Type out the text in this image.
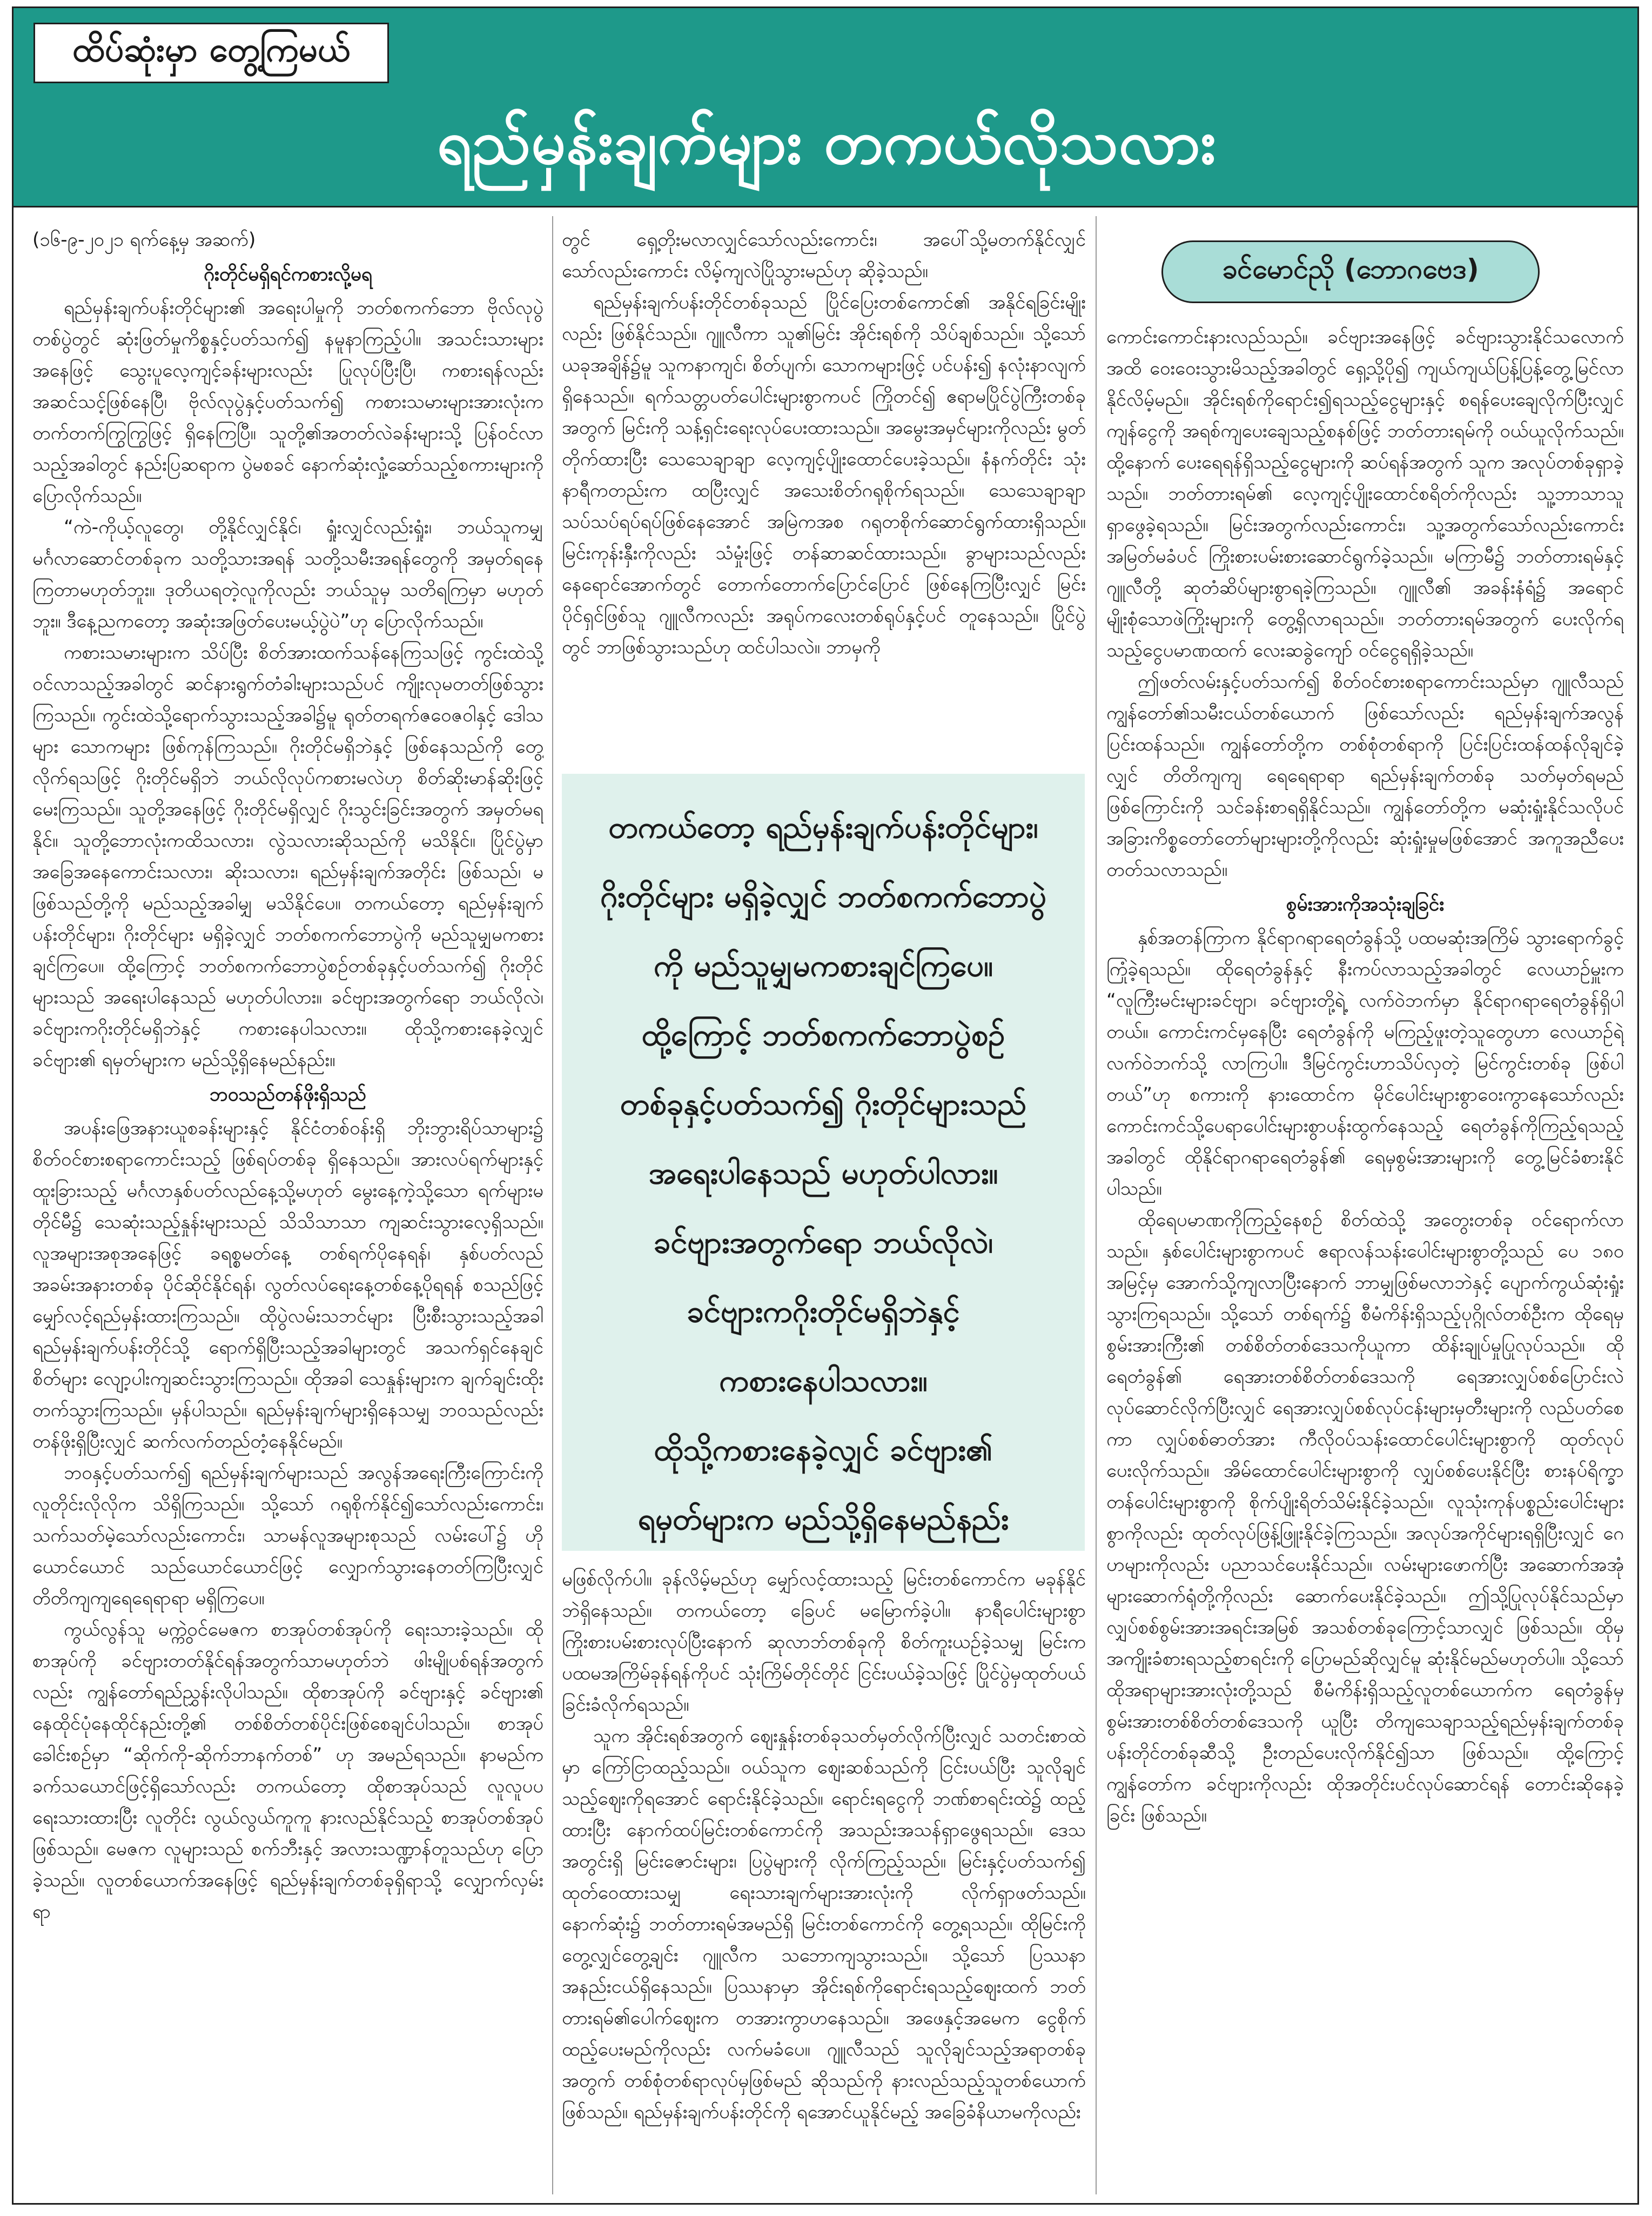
ထိပ်ဆုံးမှာ တွေ့ကြမယ်
ရည်မှန်းချက်များ တကယ်လိုသလား

(၁၆-၉-၂၀၂၁ ရက်နေ့မှ အဆက်)

ဂိုးတိုင်မရှိရင်ကစားလို့မရ

ရည်မှန်းချက်ပန်းတိုင်များ၏ အရေးပါမှုကို ဘတ်စကက်ဘော ဗိုလ်လုပွဲတစ်ပွဲတွင် ဆုံးဖြတ်မှုကိစ္စနှင့်ပတ်သက်၍ နမူနာကြည့်ပါ။ အသင်းသားများအနေဖြင့် သွေးပူလေ့ကျင့်ခန်းများလည်း ပြုလုပ်ပြီးပြီ၊ ကစားရန်လည်း အဆင်သင့်ဖြစ်နေပြီ၊ ဗိုလ်လုပွဲနှင့်ပတ်သက်၍ ကစားသမားများအားလုံးက တက်တက်ကြွကြွဖြင့် ရှိနေကြပြီ။ သူတို့၏အတတ်လဲခန်းများသို့ ပြန်ဝင်လာသည့်အခါတွင် နည်းပြဆရာက ပွဲမစခင် နောက်ဆုံးလှုံ့ဆော်သည့်စကားများကို ပြောလိုက်သည်။

“ကဲ-ကိုယ့်လူတွေ၊ တို့နိုင်လျှင်နိုင်၊ ရှုံးလျှင်လည်းရှုံး၊ ဘယ်သူကမျှ မင်္ဂလာဆောင်တစ်ခုက သတို့သားအရန် သတို့သမီးအရန်တွေကို အမှတ်ရနေကြတာမဟုတ်ဘူး။ ဒုတိယရတဲ့လူကိုလည်း ဘယ်သူမှ သတိရကြမှာ မဟုတ်ဘူး။ ဒီနေ့ညကတော့ အဆုံးအဖြတ်ပေးမယ့်ပွဲပဲ”ဟု ပြောလိုက်သည်။

ကစားသမားများက သိပ်ပြီး စိတ်အားထက်သန်နေကြသဖြင့် ကွင်းထဲသို့ဝင်လာသည့်အခါတွင် ဆင်နားရွက်တံခါးများသည်ပင် ကျိုးလုမတတ်ဖြစ်သွားကြသည်။ ကွင်းထဲသို့ရောက်သွားသည့်အခါ၌မူ ရုတ်တရက်ဇဝေဇဝါနှင့် ဒေါသများ သောကများ ဖြစ်ကုန်ကြသည်။ ဂိုးတိုင်မရှိဘဲနှင့် ဖြစ်နေသည်ကို တွေ့လိုက်ရသဖြင့် ဂိုးတိုင်မရှိဘဲ ဘယ်လိုလုပ်ကစားမလဲဟု စိတ်ဆိုးမာန်ဆိုးဖြင့် မေးကြသည်။ သူတို့အနေဖြင့် ဂိုးတိုင်မရှိလျှင် ဂိုးသွင်းခြင်းအတွက် အမှတ်မရနိုင်။ သူတို့ဘောလုံးကထိသလား၊ လွဲသလားဆိုသည်ကို မသိနိုင်။ ပြိုင်ပွဲမှာ အခြေအနေကောင်းသလား၊ ဆိုးသလား၊ ရည်မှန်းချက်အတိုင်း ဖြစ်သည်၊ မဖြစ်သည်တို့ကို မည်သည့်အခါမျှ မသိနိုင်ပေ။ တကယ်တော့ ရည်မှန်းချက်ပန်းတိုင်များ၊ ဂိုးတိုင်များ မရှိခဲ့လျှင် ဘတ်စကက်ဘောပွဲကို မည်သူမျှမကစားချင်ကြပေ။ ထို့ကြောင့် ဘတ်စကက်ဘောပွဲစဉ်တစ်ခုနှင့်ပတ်သက်၍ ဂိုးတိုင်များသည် အရေးပါနေသည် မဟုတ်ပါလား။ ခင်ဗျားအတွက်ရော ဘယ်လိုလဲ၊ ခင်ဗျားကဂိုးတိုင်မရှိဘဲနှင့် ကစားနေပါသလား။ ထိုသို့ကစားနေခဲ့လျှင် ခင်ဗျား၏ ရမှတ်များက မည်သို့ရှိနေမည်နည်း။

ဘဝသည်တန်ဖိုးရှိသည်

အပန်းဖြေအနားယူစခန်းများနှင့် နိုင်ငံတစ်ဝန်းရှိ ဘိုးဘွားရိပ်သာများ၌ စိတ်ဝင်စားစရာကောင်းသည့် ဖြစ်ရပ်တစ်ခု ရှိနေသည်။ အားလပ်ရက်များနှင့် ထူးခြားသည့် မင်္ဂလာနှစ်ပတ်လည်နေ့သို့မဟုတ် မွေးနေ့ကဲ့သို့သော ရက်များမတိုင်မီ၌ သေဆုံးသည့်နှုန်းများသည် သိသိသာသာ ကျဆင်းသွားလေ့ရှိသည်။ လူအများအစုအနေဖြင့် ခရစ္စမတ်နေ့ တစ်ရက်ပိုနေရန်၊ နှစ်ပတ်လည်အခမ်းအနားတစ်ခု ပိုင်ဆိုင်နိုင်ရန်၊ လွတ်လပ်ရေးနေ့တစ်နေ့ပိုရရန် စသည်ဖြင့် မျှော်လင့်ရည်မှန်းထားကြသည်။ ထိုပွဲလမ်းသဘင်များ ပြီးစီးသွားသည့်အခါ ရည်မှန်းချက်ပန်းတိုင်သို့ ရောက်ရှိပြီးသည့်အခါများတွင် အသက်ရှင်နေချင်စိတ်များ လျော့ပါးကျဆင်းသွားကြသည်။ ထိုအခါ သေနှုန်းများက ချက်ချင်းထိုးတက်သွားကြသည်။ မှန်ပါသည်။ ရည်မှန်းချက်များရှိနေသမျှ ဘဝသည်လည်း တန်ဖိုးရှိပြီးလျှင် ဆက်လက်တည်တံ့နေနိုင်မည်။

ဘဝနှင့်ပတ်သက်၍ ရည်မှန်းချက်များသည် အလွန်အရေးကြီးကြောင်းကို လူတိုင်းလိုလိုက သိရှိကြသည်။ သို့သော် ဂရုစိုက်နိုင်၍သော်လည်းကောင်း၊ သက်သတ်မဲ့သော်လည်းကောင်း၊ သာမန်လူအများစုသည် လမ်းပေါ်၌ ဟိုယောင်ယောင် သည်ယောင်ယောင်ဖြင့် လျှောက်သွားနေတတ်ကြပြီးလျှင် တိတိကျကျရေရေရာရာ မရှိကြပေ။

ကွယ်လွန်သူ မက္ကွဲဝင်မေဇက စာအုပ်တစ်အုပ်ကို ရေးသားခဲ့သည်။ ထိုစာအုပ်ကို ခင်ဗျားတတ်နိုင်ရန်အတွက်သာမဟုတ်ဘဲ ဖါးမျိုပစ်ရန်အတွက်လည်း ကျွန်တော်ရည်ညွှန်းလိုပါသည်။ ထိုစာအုပ်ကို ခင်ဗျားနှင့် ခင်ဗျား၏ နေထိုင်ပုံနေထိုင်နည်းတို့၏ တစ်စိတ်တစ်ပိုင်းဖြစ်စေချင်ပါသည်။ စာအုပ်ခေါင်းစဉ်မှာ “ဆိုက်ကို-ဆိုက်ဘာနက်တစ်” ဟု အမည်ရသည်။ နာမည်က ခက်သယောင်ဖြင့်ရှိသော်လည်း တကယ်တော့ ထိုစာအုပ်သည် လူလူပပရေးသားထားပြီး လူတိုင်း လွယ်လွယ်ကူကူ နားလည်နိုင်သည့် စာအုပ်တစ်အုပ်ဖြစ်သည်။ မေဇက လူများသည် စက်ဘီးနှင့် အလားသဏ္ဍာန်တူသည်ဟု ပြောခဲ့သည်။ လူတစ်ယောက်အနေဖြင့် ရည်မှန်းချက်တစ်ခုရှိရာသို့ လျှောက်လှမ်းရာ

တွင် ရှေ့တိုးမလာလျှင်သော်လည်းကောင်း၊ အပေါ်သို့မတက်နိုင်လျှင်သော်လည်းကောင်း လိမ့်ကျလဲပြိုသွားမည်ဟု ဆိုခဲ့သည်။

ရည်မှန်းချက်ပန်းတိုင်တစ်ခုသည် ပြိုင်ပြေးတစ်ကောင်၏ အနိုင်ရခြင်းမျိုးလည်း ဖြစ်နိုင်သည်။ ဂျူလီကာ သူ၏မြင်း အိုင်းရစ်ကို သိပ်ချစ်သည်။ သို့သော် ယခုအချိန်၌မူ သူကနာကျင်၊ စိတ်ပျက်၊ သောကများဖြင့် ပင်ပန်း၍ နလုံးနာလျက်ရှိနေသည်။ ရက်သတ္တပတ်ပေါင်းများစွာကပင် ကြိုတင်၍ ဧရာမပြိုင်ပွဲကြီးတစ်ခုအတွက် မြင်းကို သန့်ရှင်းရေးလုပ်ပေးထားသည်။ အမွေးအမှင်များကိုလည်း မွတ်တိုက်ထားပြီး သေသေချာချာ လေ့ကျင့်ပျိုးထောင်ပေးခဲ့သည်။ နံနက်တိုင်း သုံးနာရီကတည်းက ထပြီးလျှင် အသေးစိတ်ဂရုစိုက်ရသည်။ သေသေချာချာ သပ်သပ်ရပ်ရပ်ဖြစ်နေအောင် အမြဲကအစ ဂရုတစိုက်ဆောင်ရွက်ထားရှိသည်။ မြင်းကုန်းနှီးကိုလည်း သံမှုံးဖြင့် တန်ဆာဆင်ထားသည်။ ခွာများသည်လည်း နေရောင်အောက်တွင် တောက်တောက်ပြောင်ပြောင် ဖြစ်နေကြပြီးလျှင် မြင်းပိုင်ရှင်ဖြစ်သူ ဂျူလီကလည်း အရုပ်ကလေးတစ်ရုပ်နှင့်ပင် တူနေသည်။ ပြိုင်ပွဲတွင် ဘာဖြစ်သွားသည်ဟု ထင်ပါသလဲ။ ဘာမှကို

တကယ်တော့ ရည်မှန်းချက်ပန်းတိုင်များ၊

ဂိုးတိုင်များ မရှိခဲ့လျှင် ဘတ်စကက်ဘောပွဲ

ကို မည်သူမျှမကစားချင်ကြပေ။

ထို့ကြောင့် ဘတ်စကက်ဘောပွဲစဉ်

တစ်ခုနှင့်ပတ်သက်၍ ဂိုးတိုင်များသည်

အရေးပါနေသည် မဟုတ်ပါလား။

ခင်ဗျားအတွက်ရော ဘယ်လိုလဲ၊

ခင်ဗျားကဂိုးတိုင်မရှိဘဲနှင့်

ကစားနေပါသလား။

ထိုသို့ကစားနေခဲ့လျှင် ခင်ဗျား၏

ရမှတ်များက မည်သို့ရှိနေမည်နည်း

မဖြစ်လိုက်ပါ။ ခုန်လိမ့်မည်ဟု မျှော်လင့်ထားသည့် မြင်းတစ်ကောင်က မခုန်နိုင်ဘဲရှိနေသည်။ တကယ်တော့ ခြေပင် မမြောက်ခဲ့ပါ။ နာရီပေါင်းများစွာကြိုးစားပမ်းစားလုပ်ပြီးနောက် ဆုလာဘ်တစ်ခုကို စိတ်ကူးယဉ်ခဲ့သမျှ မြင်းက ပထမအကြိမ်ခုန်ရန်ကိုပင် သုံးကြိမ်တိုင်တိုင် ငြင်းပယ်ခဲ့သဖြင့် ပြိုင်ပွဲမှထုတ်ပယ်ခြင်းခံလိုက်ရသည်။

သူက အိုင်းရစ်အတွက် ဈေးနှုန်းတစ်ခုသတ်မှတ်လိုက်ပြီးလျှင် သတင်းစာထဲမှာ ကြော်ငြာထည့်သည်။ ဝယ်သူက ဈေးဆစ်သည်ကို ငြင်းပယ်ပြီး သူလိုချင်သည့်ဈေးကိုရအောင် ရောင်းနိုင်ခဲ့သည်။ ရောင်းရငွေကို ဘဏ်စာရင်းထဲ၌ ထည့်ထားပြီး နောက်ထပ်မြင်းတစ်ကောင်ကို အသည်းအသန်ရှာဖွေရသည်။ ဒေသအတွင်းရှိ မြင်းဇောင်းများ၊ ပြပွဲများကို လိုက်ကြည့်သည်။ မြင်းနှင့်ပတ်သက်၍ ထုတ်ဝေထားသမျှ ရေးသားချက်များအားလုံးကို လိုက်ရှာဖတ်သည်။ နောက်ဆုံး၌ ဘတ်တားရမ်အမည်ရှိ မြင်းတစ်ကောင်ကို တွေ့ရသည်။ ထိုမြင်းကို တွေ့လျှင်တွေ့ချင်း ဂျူလီက သဘောကျသွားသည်။ သို့သော် ပြဿနာ အနည်းငယ်ရှိနေသည်။ ပြဿနာမှာ အိုင်းရစ်ကိုရောင်းရသည့်ဈေးထက် ဘတ်တားရမ်၏ပေါက်ဈေးက တအားကွာဟနေသည်။ အဖေနှင့်အမေက ငွေစိုက်ထည့်ပေးမည်ကိုလည်း လက်မခံပေ။ ဂျူလီသည် သူလိုချင်သည့်အရာတစ်ခုအတွက် တစ်စုံတစ်ရာလုပ်မှဖြစ်မည် ဆိုသည်ကို နားလည်သည့်သူတစ်ယောက် ဖြစ်သည်။ ရည်မှန်းချက်ပန်းတိုင်ကို ရအောင်ယူနိုင်မည့် အခြေခံနိယာမကိုလည်း

ခင်မောင်ညို (ဘောဂဗေဒ)

ကောင်းကောင်းနားလည်သည်။ ခင်ဗျားအနေဖြင့် ခင်ဗျားသွားနိုင်သလောက်အထိ ဝေးဝေးသွားမိသည့်အခါတွင် ရှေ့သို့ပို၍ ကျယ်ကျယ်ပြန့်ပြန့်တွေ့မြင်လာနိုင်လိမ့်မည်။ အိုင်းရစ်ကိုရောင်း၍ရသည့်ငွေများနှင့် စရန်ပေးချေလိုက်ပြီးလျှင် ကျန်ငွေကို အရစ်ကျပေးချေသည့်စနစ်ဖြင့် ဘတ်တားရမ်ကို ဝယ်ယူလိုက်သည်။ ထို့နောက် ပေးရေရန်ရှိသည့်ငွေများကို ဆပ်ရန်အတွက် သူက အလုပ်တစ်ခုရှာခဲ့သည်။ ဘတ်တားရမ်၏ လေ့ကျင့်ပျိုးထောင်စရိတ်ကိုလည်း သူ့ဘာသာသူ ရှာဖွေခဲ့ရသည်။ မြင်းအတွက်လည်းကောင်း၊ သူ့အတွက်သော်လည်းကောင်း အမြတ်မခံပင် ကြိုးစားပမ်းစားဆောင်ရွက်ခဲ့သည်။ မကြာမီ၌ ဘတ်တားရမ်နှင့် ဂျူလီတို့ ဆုတံဆိပ်များစွာရခဲ့ကြသည်။ ဂျူလီ၏ အခန်းနံရံ၌ အရောင်မျိုးစုံသောဖဲကြိုးများကို တွေ့ရှိလာရသည်။ ဘတ်တားရမ်အတွက် ပေးလိုက်ရသည့်ငွေပမာဏထက် လေးဆခွဲကျော် ဝင်ငွေရရှိခဲ့သည်။

ဤဖတ်လမ်းနှင့်ပတ်သက်၍ စိတ်ဝင်စားစရာကောင်းသည်မှာ ဂျူလီသည် ကျွန်တော်၏သမီးငယ်တစ်ယောက် ဖြစ်သော်လည်း ရည်မှန်းချက်အလွန်ပြင်းထန်သည်။ ကျွန်တော်တို့က တစ်စုံတစ်ရာကို ပြင်းပြင်းထန်ထန်လိုချင်ခဲ့လျှင် တိတိကျကျ ရေရေရာရာ ရည်မှန်းချက်တစ်ခု သတ်မှတ်ရမည်ဖြစ်ကြောင်းကို သင်ခန်းစာရရှိနိုင်သည်။ ကျွန်တော်တို့က မဆုံးရှုံးနိုင်သလိုပင် အခြားကိစ္စတော်တော်များများတို့ကိုလည်း ဆုံးရှုံးမှုမဖြစ်အောင် အကူအညီပေးတတ်သလာသည်။

စွမ်းအားကိုအသုံးချခြင်း

နှစ်အတန်ကြာက နိုင်ရာဂရာရေတံခွန်သို့ ပထမဆုံးအကြိမ် သွားရောက်ခွင့်ကြုံခဲ့ရသည်။ ထိုရေတံခွန်နှင့် နီးကပ်လာသည့်အခါတွင် လေယာဉ်မှူးက “လူကြီးမင်းများခင်ဗျာ၊ ခင်ဗျားတို့ရဲ့ လက်ဝဲဘက်မှာ နိုင်ရာဂရာရေတံခွန်ရှိပါတယ်။ ကောင်းကင်မှနေပြီး ရေတံခွန်ကို မကြည့်ဖူးတဲ့သူတွေဟာ လေယာဉ်ရဲ့လက်ဝဲဘက်သို့ လာကြပါ။ ဒီမြင်ကွင်းဟာသိပ်လှတဲ့ မြင်ကွင်းတစ်ခု ဖြစ်ပါတယ်”ဟု စကားကို နားထောင်က မိုင်ပေါင်းများစွာဝေးကွာနေသော်လည်း ကောင်းကင်သို့ပေရာပေါင်းများစွာပန်းထွက်နေသည့် ရေတံခွန်ကိုကြည့်ရသည့်အခါတွင် ထိုနိုင်ရာဂရာရေတံခွန်၏ ရေမှစွမ်းအားများကို တွေ့မြင်ခံစားနိုင်ပါသည်။

ထိုရေပမာဏကိုကြည့်နေစဉ် စိတ်ထဲသို့ အတွေးတစ်ခု ဝင်ရောက်လာသည်။ နှစ်ပေါင်းများစွာကပင် ဧရာလန်သန်းပေါင်းများစွာတို့သည် ပေ ၁၈၀ အမြင့်မှ အောက်သို့ကျလာပြီးနောက် ဘာမျှဖြစ်မလာဘဲနှင့် ပျောက်ကွယ်ဆုံးရှုံးသွားကြရသည်။ သို့သော် တစ်ရက်၌ စီမံကိန်းရှိသည့်ပုဂ္ဂိုလ်တစ်ဦးက ထိုရေမှစွမ်းအားကြီး၏ တစ်စိတ်တစ်ဒေသကိုယူကာ ထိန်းချုပ်မှုပြုလုပ်သည်။ ထိုရေတံခွန်၏ ရေအားတစ်စိတ်တစ်ဒေသကို ရေအားလျှပ်စစ်ပြောင်းလဲလုပ်ဆောင်လိုက်ပြီးလျှင် ရေအားလျှပ်စစ်လုပ်ငန်းများမှတီးများကို လည်ပတ်စေကာ လျှပ်စစ်ဓာတ်အား ကီလိုဝပ်သန်းထောင်ပေါင်းများစွာကို ထုတ်လုပ်ပေးလိုက်သည်။ အိမ်ထောင်ပေါင်းများစွာကို လျှပ်စစ်ပေးနိုင်ပြီး စားနပ်ရိက္ခာ တန်ပေါင်းများစွာကို စိုက်ပျိုးရိတ်သိမ်းနိုင်ခဲ့သည်။ လူသုံးကုန်ပစ္စည်းပေါင်းများစွာကိုလည်း ထုတ်လုပ်ဖြန့်ဖြူးနိုင်ခဲ့ကြသည်။ အလုပ်အကိုင်များရရှိပြီးလျှင် ဂေဟများကိုလည်း ပညာသင်ပေးနိုင်သည်။ လမ်းများဖောက်ပြီး အဆောက်အအုံများဆောက်ရုံတို့ကိုလည်း ဆောက်ပေးနိုင်ခဲ့သည်။ ဤသို့ပြုလုပ်နိုင်သည်မှာ လျှပ်စစ်စွမ်းအားအရင်းအမြစ် အသစ်တစ်ခုကြောင့်သာလျှင် ဖြစ်သည်။ ထိုမှ အကျိုးခံစားရသည့်စာရင်းကို ပြောမည်ဆိုလျှင်မူ ဆုံးနိုင်မည်မဟုတ်ပါ။ သို့သော် ထိုအရာများအားလုံးတို့သည် စီမံကိန်းရှိသည့်လူတစ်ယောက်က ရေတံခွန်မှ စွမ်းအားတစ်စိတ်တစ်ဒေသကို ယူပြီး တိကျသေချာသည့်ရည်မှန်းချက်တစ်ခု ပန်းတိုင်တစ်ခုဆီသို့ ဦးတည်ပေးလိုက်နိုင်၍သာ ဖြစ်သည်။ ထို့ကြောင့် ကျွန်တော်က ခင်ဗျားကိုလည်း ထိုအတိုင်းပင်လုပ်ဆောင်ရန် တောင်းဆိုနေခဲ့ခြင်း ဖြစ်သည်။
